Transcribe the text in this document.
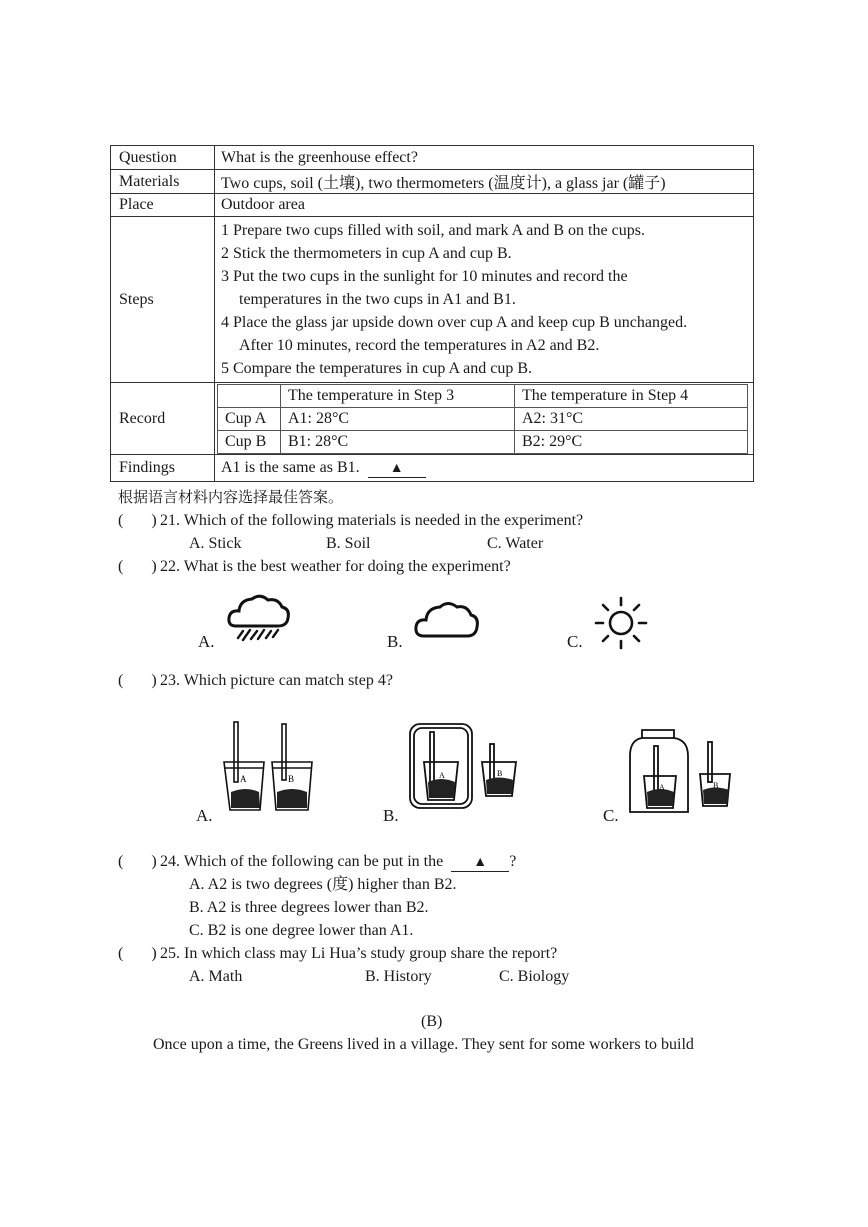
Question	What is the greenhouse effect?
Materials	Two cups, soil (土壤), two thermometers (温度计), a glass jar (罐子)
Place	Outdoor area
Steps	
1 Prepare two cups filled with soil, and mark A and B on the cups.
2 Stick the thermometers in cup A and cup B.
3 Put the two cups in the sunlight for 10 minutes and record the
temperatures in the two cups in A1 and B1.
4 Place the glass jar upside down over cup A and keep cup B unchanged.
After 10 minutes, record the temperatures in A2 and B2.
5 Compare the temperatures in cup A and cup B.

Record	
	The temperature in Step 3	The temperature in Step 4
Cup A	A1: 28°C	A2: 31°C
Cup B	B1: 28°C	B2: 29°C

Findings	A1 is the same as B1. ▲
根据语言材料内容选择最佳答案。
( ) 21. Which of the following materials is needed in the experiment?
A. Stick	B. Soil	C. Water
( ) 22. What is the best weather for doing the experiment?
A.	B.	C.
( ) 23. Which picture can match step 4?
A.	B.	C.
A	B	A	B
A	B
( ) 24. Which of the following can be put in the ▲ ?
A. A2 is two degrees (度) higher than B2.
B. A2 is three degrees lower than B2.
C. B2 is one degree lower than A1.
( ) 25. In which class may Li Hua’s study group share the report?
A. Math	B. History	C. Biology
(B)
Once upon a time, the Greens lived in a village. They sent for some workers to build
